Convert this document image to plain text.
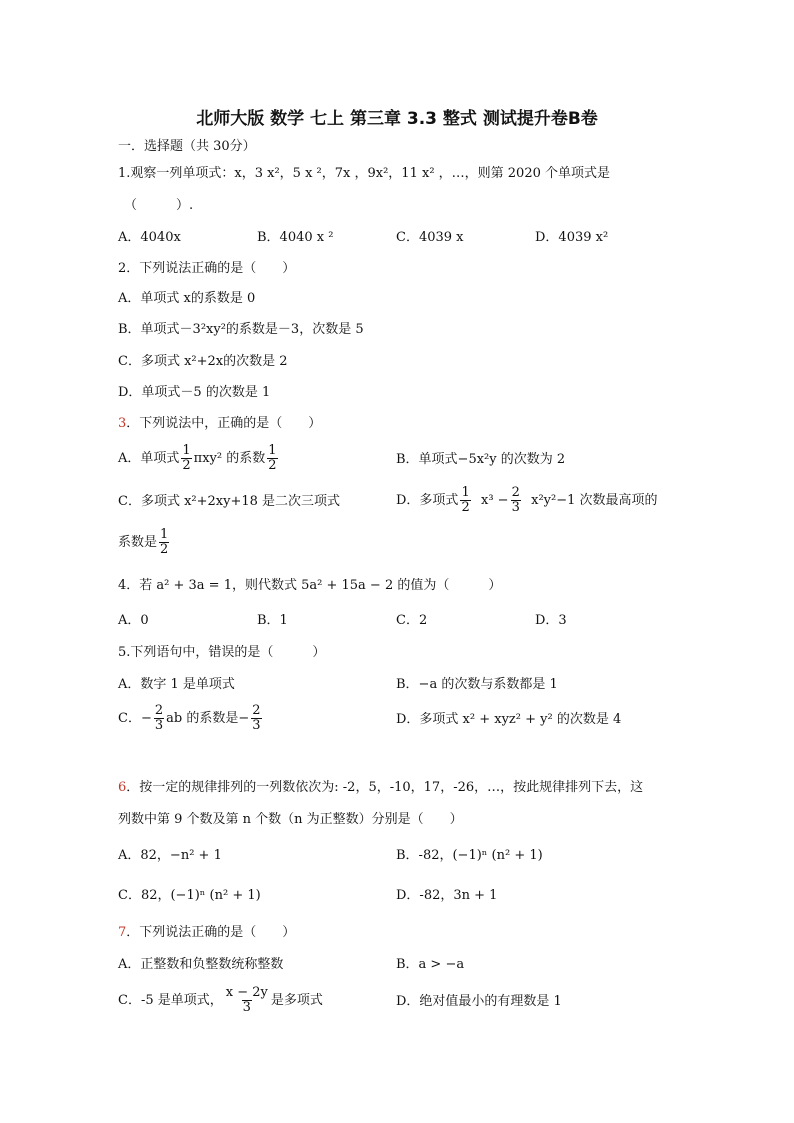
北师大版 数学 七上 第三章 3.3 整式 测试提升卷B卷
一．选择题（共 30分）
1.观察一列单项式：x，3 x²，5 x ²，7x ，9x²，11 x² ，…，则第 2020 个单项式是
（　　　）.
A．4040x	B．4040 x ²	C．4039 x	D．4039 x²
2．下列说法正确的是（　　）
A．单项式 x的系数是 0
B．单项式－3²xy²的系数是－3，次数是 5
C．多项式 x²+2x的次数是 2
D．单项式－5 的次数是 1
3．下列说法中，正确的是（　　）
A．单项式 $\frac{1}{2} \pi xy^2$ 的系数 $\frac{1}{2}$	B．单项式−5x²y 的次数为 2
C．多项式 x²+2xy+18 是二次三项式	D．多项式 $\frac{1}{2} x^3 - \frac{2}{3} x^2y^2-1$ 次数最高项的
系数是 $\frac{1}{2}$
4．若 a² + 3a = 1，则代数式 5a² + 15a − 2 的值为（　　　）
A．0	B．1	C．2	D．3
5.下列语句中，错误的是（　　　）
A．数字 1 是单项式	B．−a 的次数与系数都是 1
C．− $\frac{2}{3}$ ab 的系数是− $\frac{2}{3}$	D．多项式 x² + xyz² + y² 的次数是 4
6．按一定的规律排列的一列数依次为: -2，5，-10，17，-26，…，按此规律排列下去，这
列数中第 9 个数及第 n 个数（n 为正整数）分别是（　　）
A．82，−n² + 1	B．-82，(−1)ⁿ (n² + 1)
C．82，(−1)ⁿ (n² + 1)	D．-82，3n + 1
7．下列说法正确的是（　　）
A．正整数和负整数统称整数	B．a > −a
C．-5 是单项式， $\frac{x - 2y}{3}$ 是多项式	D．绝对值最小的有理数是 1
